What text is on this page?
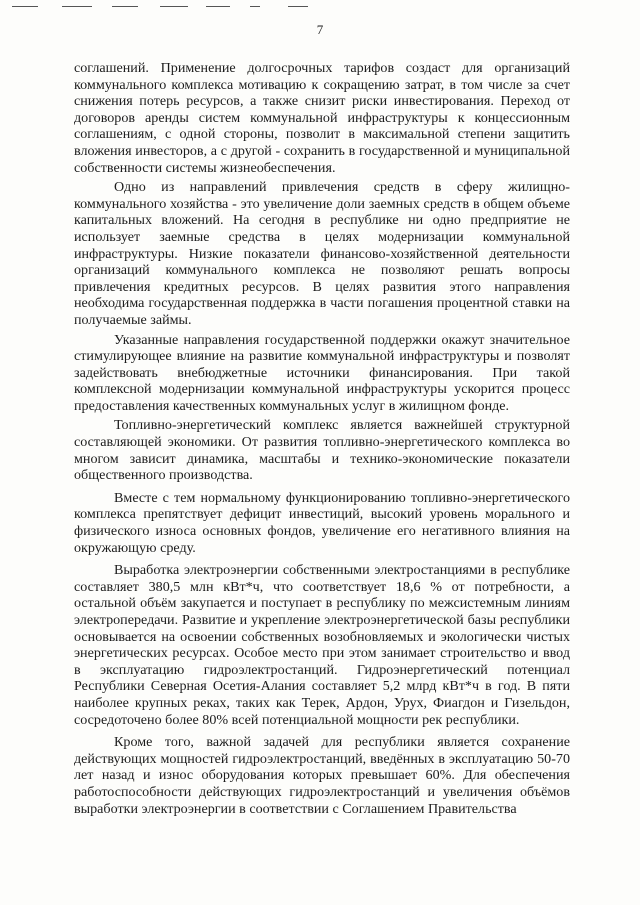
7

соглашений. Применение долгосрочных тарифов создаст для организаций коммунального комплекса мотивацию к сокращению затрат, в том числе за счет снижения потерь ресурсов, а также снизит риски инвестирования. Переход от договоров аренды систем коммунальной инфраструктуры к концессионным соглашениям, с одной стороны, позволит в максимальной степени защитить вложения инвесторов, а с другой - сохранить в государственной и муниципальной собственности системы жизнеобеспечения.

Одно из направлений привлечения средств в сферу жилищно-коммунального хозяйства - это увеличение доли заемных средств в общем объеме капитальных вложений. На сегодня в республике ни одно предприятие не использует заемные средства в целях модернизации коммунальной инфраструктуры. Низкие показатели финансово-хозяйственной деятельности организаций коммунального комплекса не позволяют решать вопросы привлечения кредитных ресурсов. В целях развития этого направления необходима государственная поддержка в части погашения процентной ставки на получаемые займы.

Указанные направления государственной поддержки окажут значительное стимулирующее влияние на развитие коммунальной инфраструктуры и позволят задействовать внебюджетные источники финансирования. При такой комплексной модернизации коммунальной инфраструктуры ускорится процесс предоставления качественных коммунальных услуг в жилищном фонде.

Топливно-энергетический комплекс является важнейшей структурной составляющей экономики. От развития топливно-энергетического комплекса во многом зависит динамика, масштабы и технико-экономические показатели общественного производства.

Вместе с тем нормальному функционированию топливно-энергетического комплекса препятствует дефицит инвестиций, высокий уровень морального и физического износа основных фондов, увеличение его негативного влияния на окружающую среду.

Выработка электроэнергии собственными электростанциями в республике составляет 380,5 млн кВт*ч, что соответствует 18,6 % от потребности, а остальной объём закупается и поступает в республику по межсистемным линиям электропередачи. Развитие и укрепление электроэнергетической базы республики основывается на освоении собственных возобновляемых и экологически чистых энергетических ресурсах. Особое место при этом занимает строительство и ввод в эксплуатацию гидроэлектростанций. Гидроэнергетический потенциал Республики Северная Осетия-Алания составляет 5,2 млрд кВт*ч в год. В пяти наиболее крупных реках, таких как Терек, Ардон, Урух, Фиагдон и Гизельдон, сосредоточено более 80% всей потенциальной мощности рек республики.

Кроме того, важной задачей для республики является сохранение действующих мощностей гидроэлектростанций, введённых в эксплуатацию 50-70 лет назад и износ оборудования которых превышает 60%. Для обеспечения работоспособности действующих гидроэлектростанций и увеличения объёмов выработки электроэнергии в соответствии с Соглашением Правительства
